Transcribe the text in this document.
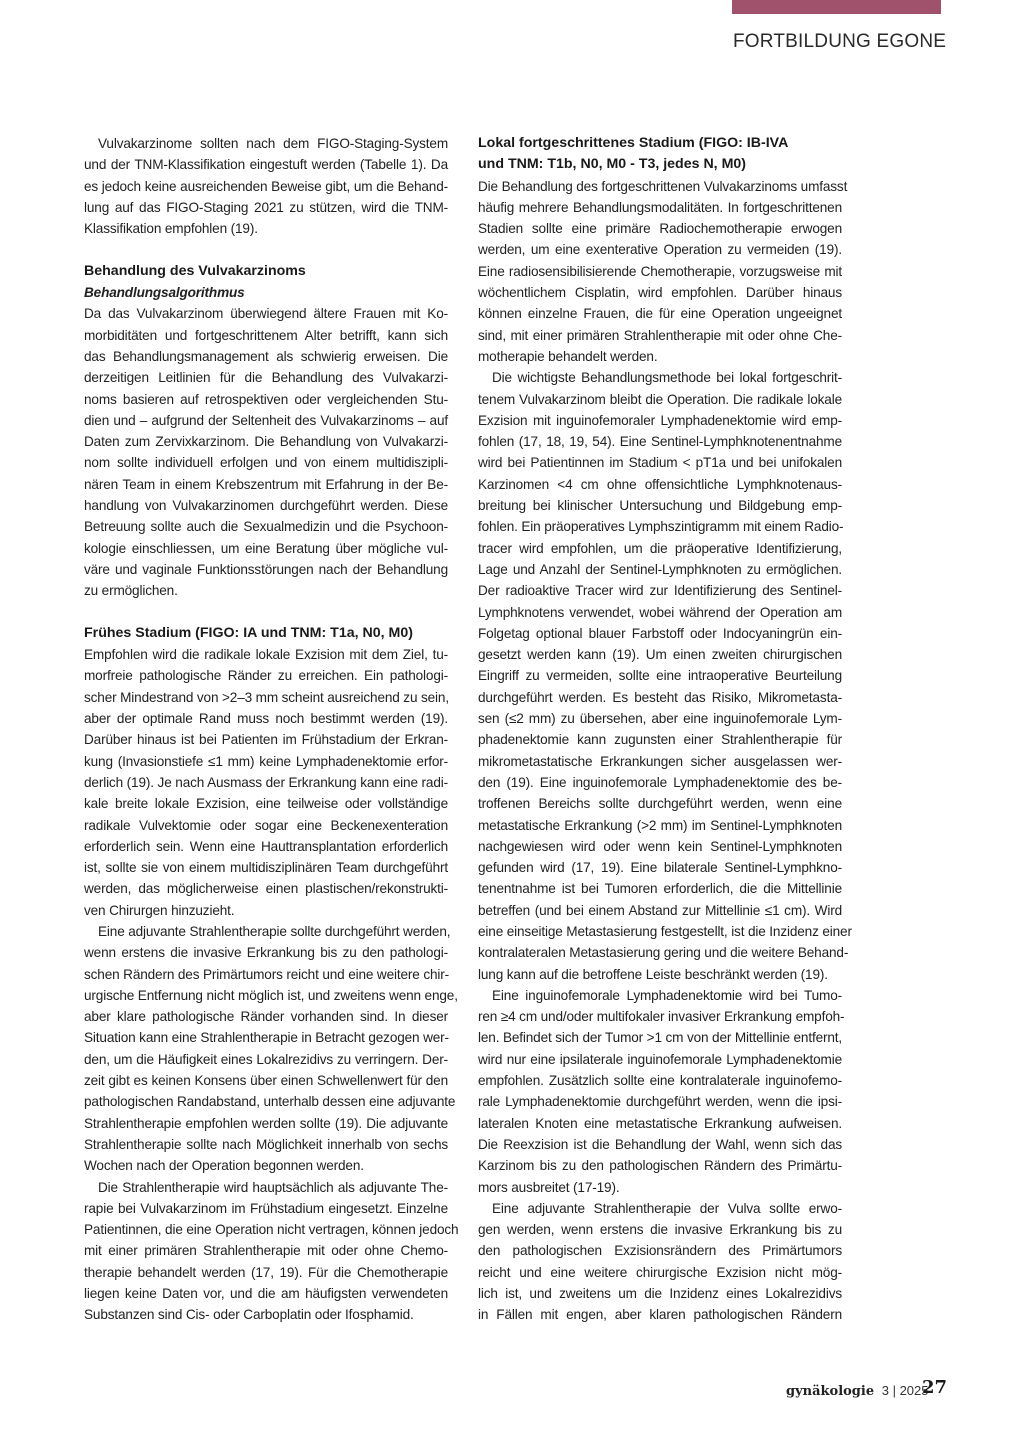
FORTBILDUNG EGONE
Vulvakarzinome sollten nach dem FIGO-Staging-System
und der TNM-Klassifikation eingestuft werden (Tabelle 1). Da
es jedoch keine ausreichenden Beweise gibt, um die Behand-
lung auf das FIGO-Staging 2021 zu stützen, wird die TNM-
Klassifikation empfohlen (19).
Behandlung des Vulvakarzinoms
Behandlungsalgorithmus
Da das Vulvakarzinom überwiegend ältere Frauen mit Ko-
morbiditäten und fortgeschrittenem Alter betrifft, kann sich
das Behandlungsmanagement als schwierig erweisen. Die
derzeitigen Leitlinien für die Behandlung des Vulvakarzi-
noms basieren auf retrospektiven oder vergleichenden Stu-
dien und – aufgrund der Seltenheit des Vulvakarzinoms – auf
Daten zum Zervixkarzinom. Die Behandlung von Vulvakarzi-
nom sollte individuell erfolgen und von einem multidiszipli-
nären Team in einem Krebszentrum mit Erfahrung in der Be-
handlung von Vulvakarzinomen durchgeführt werden. Diese
Betreuung sollte auch die Sexualmedizin und die Psychoon-
kologie einschliessen, um eine Beratung über mögliche vul-
väre und vaginale Funktionsstörungen nach der Behandlung
zu ermöglichen.
Frühes Stadium (FIGO: IA und TNM: T1a, N0, M0)
Empfohlen wird die radikale lokale Exzision mit dem Ziel, tu-
morfreie pathologische Ränder zu erreichen. Ein pathologi-
scher Mindestrand von >2–3 mm scheint ausreichend zu sein,
aber der optimale Rand muss noch bestimmt werden (19).
Darüber hinaus ist bei Patienten im Frühstadium der Erkran-
kung (Invasionstiefe ≤1 mm) keine Lymphadenektomie erfor-
derlich (19). Je nach Ausmass der Erkrankung kann eine radi-
kale breite lokale Exzision, eine teilweise oder vollständige
radikale Vulvektomie oder sogar eine Beckenexenteration
erforderlich sein. Wenn eine Hauttransplantation erforderlich
ist, sollte sie von einem multidisziplinären Team durchgeführt
werden, das möglicherweise einen plastischen/rekonstrukti-
ven Chirurgen hinzuzieht.
Eine adjuvante Strahlentherapie sollte durchgeführt werden,
wenn erstens die invasive Erkrankung bis zu den pathologi-
schen Rändern des Primärtumors reicht und eine weitere chir-
urgische Entfernung nicht möglich ist, und zweitens wenn enge,
aber klare pathologische Ränder vorhanden sind. In dieser
Situation kann eine Strahlentherapie in Betracht gezogen wer-
den, um die Häufigkeit eines Lokalrezidivs zu verringern. Der-
zeit gibt es keinen Konsens über einen Schwellenwert für den
pathologischen Randabstand, unterhalb dessen eine adjuvante
Strahlentherapie empfohlen werden sollte (19). Die adjuvante
Strahlentherapie sollte nach Möglichkeit innerhalb von sechs
Wochen nach der Operation begonnen werden.
Die Strahlentherapie wird hauptsächlich als adjuvante The-
rapie bei Vulvakarzinom im Frühstadium eingesetzt. Einzelne
Patientinnen, die eine Operation nicht vertragen, können jedoch
mit einer primären Strahlentherapie mit oder ohne Chemo-
therapie behandelt werden (17, 19). Für die Chemotherapie
liegen keine Daten vor, und die am häufigsten verwendeten
Substanzen sind Cis- oder Carboplatin oder Ifosphamid.
Lokal fortgeschrittenes Stadium (FIGO: IB-IVA
und TNM: T1b, N0, M0 - T3, jedes N, M0)
Die Behandlung des fortgeschrittenen Vulvakarzinoms umfasst
häufig mehrere Behandlungsmodalitäten. In fortgeschrittenen
Stadien sollte eine primäre Radiochemotherapie erwogen
werden, um eine exenterative Operation zu vermeiden (19).
Eine radiosensibilisierende Chemotherapie, vorzugsweise mit
wöchentlichem Cisplatin, wird empfohlen. Darüber hinaus
können einzelne Frauen, die für eine Operation ungeeignet
sind, mit einer primären Strahlentherapie mit oder ohne Che-
motherapie behandelt werden.
Die wichtigste Behandlungsmethode bei lokal fortgeschrit-
tenem Vulvakarzinom bleibt die Operation. Die radikale lokale
Exzision mit inguinofemoraler Lymphadenektomie wird emp-
fohlen (17, 18, 19, 54). Eine Sentinel-Lymphknotenentnahme
wird bei Patientinnen im Stadium < pT1a und bei unifokalen
Karzinomen <4 cm ohne offensichtliche Lymphknotenaus-
breitung bei klinischer Untersuchung und Bildgebung emp-
fohlen. Ein präoperatives Lymphszintigramm mit einem Radio-
tracer wird empfohlen, um die präoperative Identifizierung,
Lage und Anzahl der Sentinel-Lymphknoten zu ermöglichen.
Der radioaktive Tracer wird zur Identifizierung des Sentinel-
Lymphknotens verwendet, wobei während der Operation am
Folgetag optional blauer Farbstoff oder Indocyaningrün ein-
gesetzt werden kann (19). Um einen zweiten chirurgischen
Eingriff zu vermeiden, sollte eine intraoperative Beurteilung
durchgeführt werden. Es besteht das Risiko, Mikrometasta-
sen (≤2 mm) zu übersehen, aber eine inguinofemorale Lym-
phadenektomie kann zugunsten einer Strahlentherapie für
mikrometastatische Erkrankungen sicher ausgelassen wer-
den (19). Eine inguinofemorale Lymphadenektomie des be-
troffenen Bereichs sollte durchgeführt werden, wenn eine
metastatische Erkrankung (>2 mm) im Sentinel-Lymphknoten
nachgewiesen wird oder wenn kein Sentinel-Lymphknoten
gefunden wird (17, 19). Eine bilaterale Sentinel-Lymphkno-
tenentnahme ist bei Tumoren erforderlich, die die Mittellinie
betreffen (und bei einem Abstand zur Mittellinie ≤1 cm). Wird
eine einseitige Metastasierung festgestellt, ist die Inzidenz einer
kontralateralen Metastasierung gering und die weitere Behand-
lung kann auf die betroffene Leiste beschränkt werden (19).
Eine inguinofemorale Lymphadenektomie wird bei Tumo-
ren ≥4 cm und/oder multifokaler invasiver Erkrankung empfoh-
len. Befindet sich der Tumor >1 cm von der Mittellinie entfernt,
wird nur eine ipsilaterale inguinofemorale Lymphadenektomie
empfohlen. Zusätzlich sollte eine kontralaterale inguinofemo-
rale Lymphadenektomie durchgeführt werden, wenn die ipsi-
lateralen Knoten eine metastatische Erkrankung aufweisen.
Die Reexzision ist die Behandlung der Wahl, wenn sich das
Karzinom bis zu den pathologischen Rändern des Primärtu-
mors ausbreitet (17-19).
Eine adjuvante Strahlentherapie der Vulva sollte erwo-
gen werden, wenn erstens die invasive Erkrankung bis zu
den pathologischen Exzisionsrändern des Primärtumors
reicht und eine weitere chirurgische Exzision nicht mög-
lich ist, und zweitens um die Inzidenz eines Lokalrezidivs
in Fällen mit engen, aber klaren pathologischen Rändern
gynäkologie 3 | 2025
27
